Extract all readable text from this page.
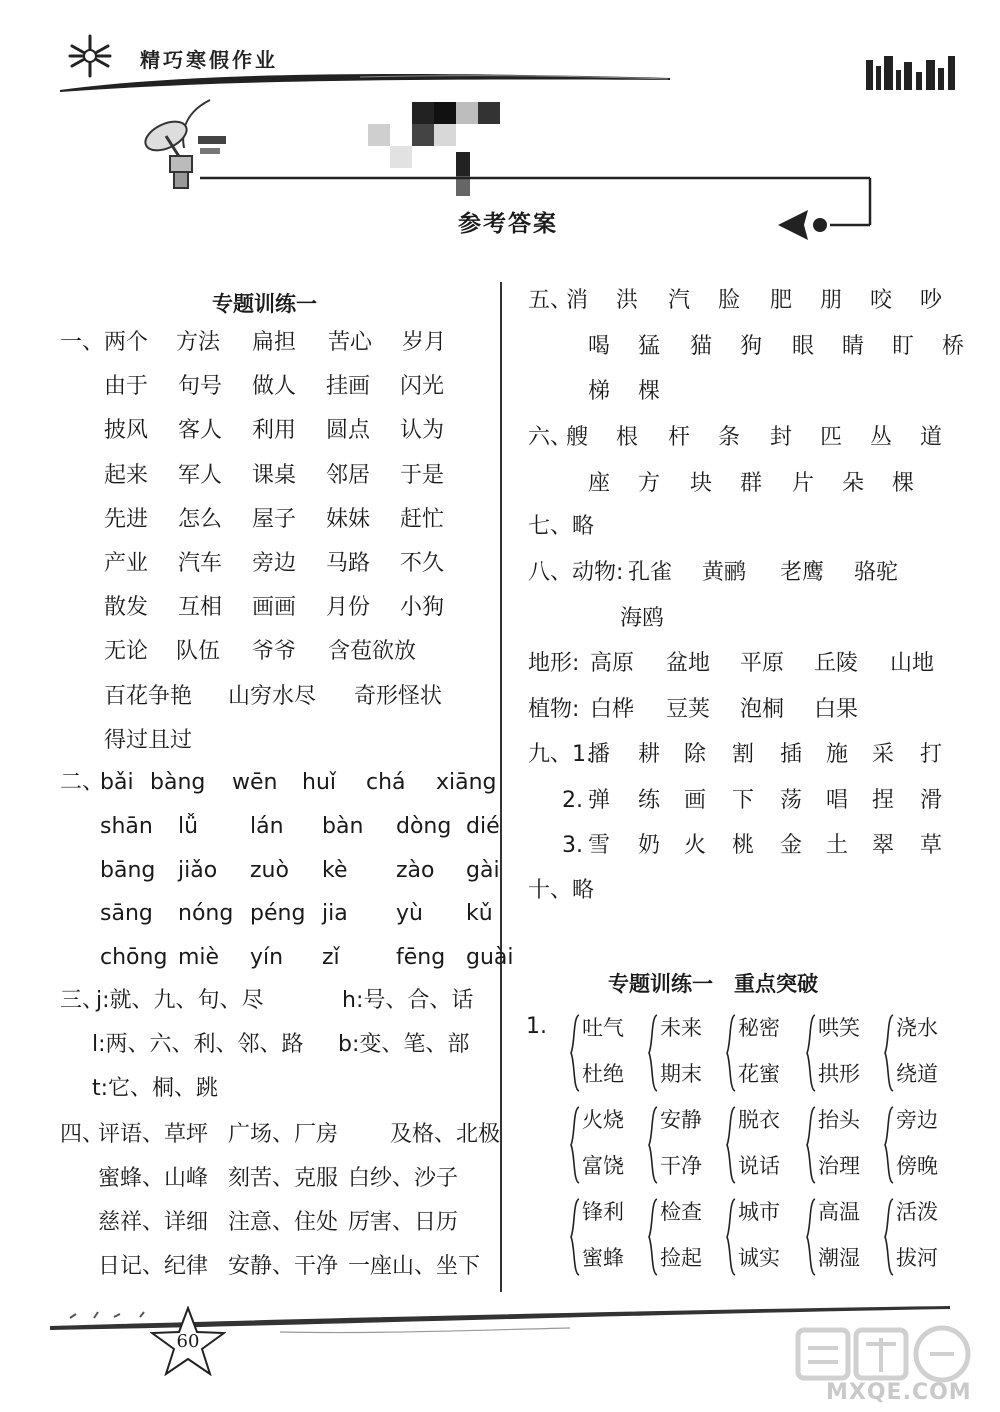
精巧寒假作业
参考答案
专题训练一
一、 两个 方法 扁担 苦心 岁月
由于 句号 做人 挂画 闪光
披风 客人 利用 圆点 认为
起来 军人 课桌 邻居 于是
先进 怎么 屋子 妹妹 赶忙
产业 汽车 旁边 马路 不久
散发 互相 画画 月份 小狗
无论 队伍 爷爷 含苞欲放
百花争艳 山穷水尽 奇形怪状
得过且过
二、
bǎi bàng wēn huǐ chá xiāng
shān lǚ lán bàn dòng dié
bāng jiǎo zuò kè zào gài
sāng nóng péng jia yù kǔ
chōng miè yín zǐ	fēng guài
三、
j:就、九、句、尽	h:号、合、话
l:两、六、利、邻、路 b:变、笔、部
t:它、桐、跳
四、
评语、草坪 广场、厂房 及格、北极
蜜蜂、山峰 刻苦、克服 白纱、沙子
慈祥、详细 注意、住处 厉害、日历
日记、纪律 安静、干净 一座山、坐下
五、
消 洪 汽 脸 肥 朋 咬 吵
喝 猛 猫 狗 眼 睛 盯 桥
梯 棵
六、
艘 根 杆 条 封 匹 丛 道
座 方 块 群 片 朵 棵
八、动物: 孔雀 黄鹂 老鹰 骆驼
海鸥
地形: 高原 盆地 平原 丘陵 山地
植物: 白桦 豆荚 泡桐 白果
九、1.
播 耕 除 割 插 施 采 打
2. 弹 练 画 下 荡 唱 捏 滑
3. 雪 奶 火 桃 金 土 翠 草
七、略
十、略
专题训练一　重点突破
1. 吐气
杜绝
未来
期末
秘密
花蜜
哄笑
拱形
浇水
绕道
火烧
富饶
安静
干净
脱衣
说话
抬头
治理
旁边
傍晚
锋利
蜜蜂
检查
捡起
城市
诚实
高温
潮湿
活泼
拔河
60
MXQE.COM
